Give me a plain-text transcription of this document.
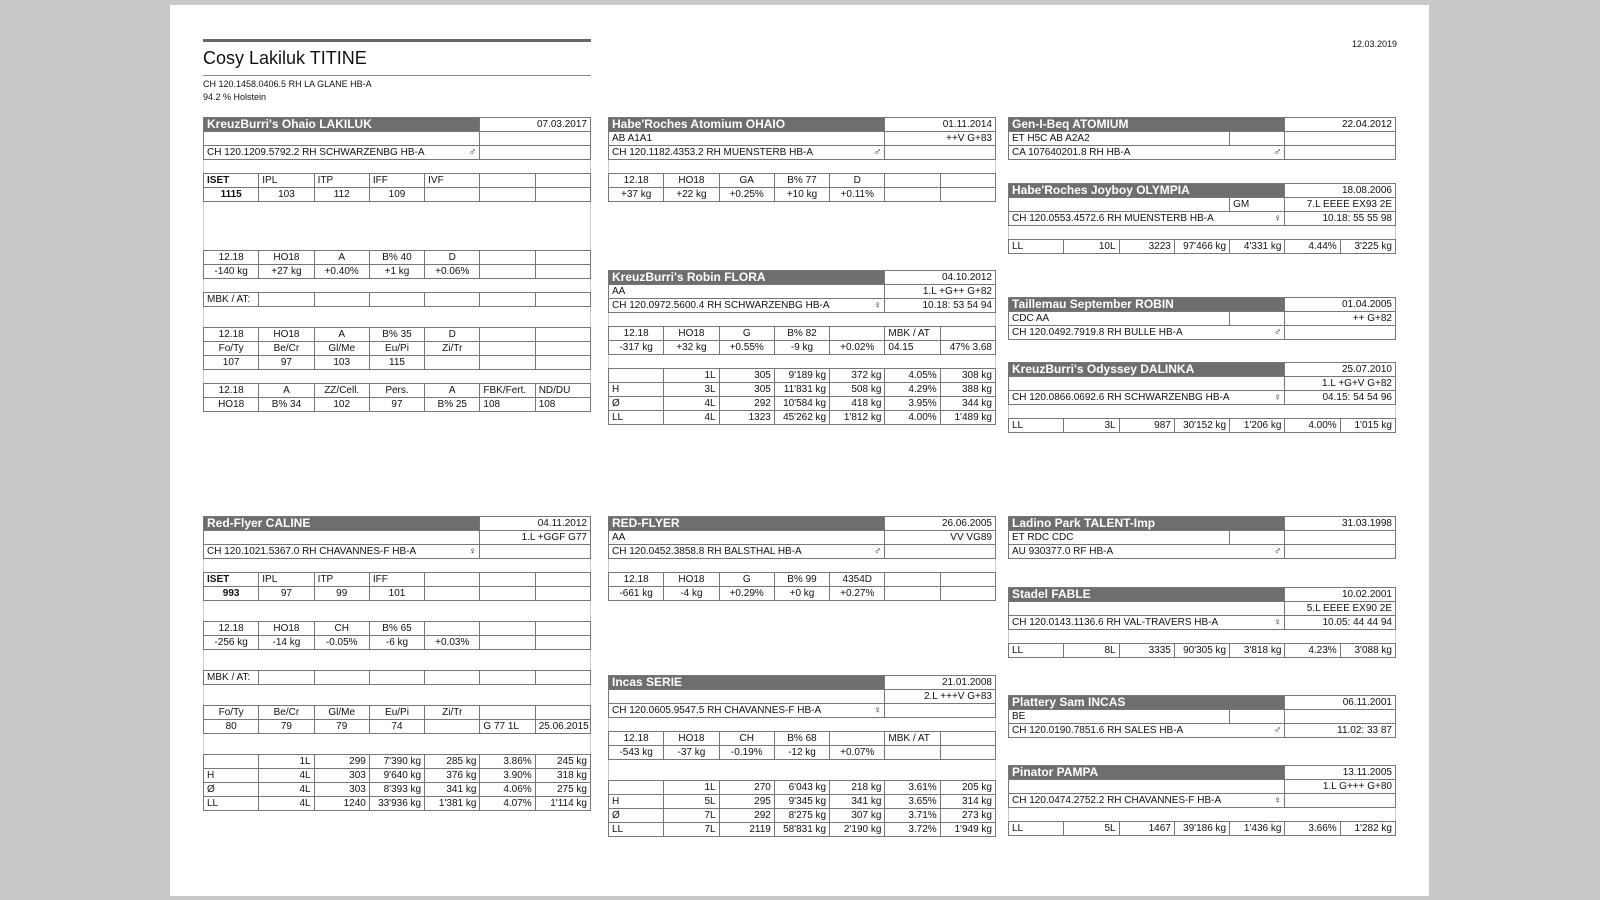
Cosy Lakiluk TITINE
CH 120.1458.0406.5 RH LA GLANE HB-A
94.2 % Holstein
12.03.2019
KreuzBurri's Ohaio LAKILUK					07.03.2017	

CH 120.1209.5792.2 RH SCHWARZENBG HB-A ♂						

ISET	IPL	ITP	IFF	IVF		
1115	103	112	109			

12.18	HO18	A	B% 40	D		
-140 kg	+27 kg	+0.40%	+1 kg	+0.06%		

MBK / AT:						

12.18	HO18	A	B% 35	D		
Fo/Ty	Be/Cr	Gl/Me	Eu/Pi	Zi/Tr		
107	97	103	115			

12.18	A	ZZ/Cell.	Pers.	A	FBK/Fert.	ND/DU
HO18	B% 34	102	97	B% 25	108	108
Habe'Roches Atomium OHAIO					01.11.2014	
AB A1A1					++V G+83	
CH 120.1182.4353.2 RH MUENSTERB HB-A ♂						

12.18	HO18	GA	B% 77	D		
+37 kg	+22 kg	+0.25%	+10 kg	+0.11%		
KreuzBurri's Robin FLORA					04.10.2012	
AA					1.L +G++ G+82	
CH 120.0972.5600.4 RH SCHWARZENBG HB-A ♀					10.18: 53 54 94	

12.18	HO18	G	B% 82		MBK / AT	
-317 kg	+32 kg	+0.55%	-9 kg	+0.02%	04.15	47% 3.68

	1L	305	9'189 kg	372 kg	4.05%	308 kg
H	3L	305	11'831 kg	508 kg	4.29%	388 kg
Ø	4L	292	10'584 kg	418 kg	3.95%	344 kg
LL	4L	1323	45'262 kg	1'812 kg	4.00%	1'489 kg
Gen-I-Beq ATOMIUM		22.04.2012
ET H5C AB A2A2		
CA 107640201.8 RH HB-A ♂		

Habe'Roches Joyboy OLYMPIA					18.08.2006	
				GM	7.L EEEE EX93 2E	
CH 120.0553.4572.6 RH MUENSTERB HB-A ♀					10.18: 55 55 98	

LL	10L	3223	97'466 kg	4'331 kg	4.44%	3'225 kg
Taillemau September ROBIN		01.04.2005
CDC AA		++ G+82
CH 120.0492.7919.8 RH BULLE HB-A ♂		

KreuzBurri's Odyssey DALINKA					25.07.2010	
					1.L +G+V G+82	
CH 120.0866.0692.6 RH SCHWARZENBG HB-A ♀					04.15: 54 54 96	

LL	3L	987	30'152 kg	1'206 kg	4.00%	1'015 kg
Red-Flyer CALINE					04.11.2012	
					1.L +GGF G77	
CH 120.1021.5367.0 RH CHAVANNES-F HB-A ♀						

ISET	IPL	ITP	IFF			
993	97	99	101			

12.18	HO18	CH	B% 65			
-256 kg	-14 kg	-0.05%	-6 kg	+0.03%		

MBK / AT:						

Fo/Ty	Be/Cr	Gl/Me	Eu/Pi	Zi/Tr		
80	79	79	74		G 77 1L	25.06.2015

	1L	299	7'390 kg	285 kg	3.86%	245 kg
H	4L	303	9'640 kg	376 kg	3.90%	318 kg
Ø	4L	303	8'393 kg	341 kg	4.06%	275 kg
LL	4L	1240	33'936 kg	1'381 kg	4.07%	1'114 kg
RED-FLYER					26.06.2005	
AA					VV VG89	
CH 120.0452.3858.8 RH BALSTHAL HB-A ♂						

12.18	HO18	G	B% 99	4354D		
-661 kg	-4 kg	+0.29%	+0 kg	+0.27%		
Incas SERIE					21.01.2008	
					2.L +++V G+83	
CH 120.0605.9547.5 RH CHAVANNES-F HB-A ♀						

12.18	HO18	CH	B% 68		MBK / AT	
-543 kg	-37 kg	-0.19%	-12 kg	+0.07%		

	1L	270	6'043 kg	218 kg	3.61%	205 kg
H	5L	295	9'345 kg	341 kg	3.65%	314 kg
Ø	7L	292	8'275 kg	307 kg	3.71%	273 kg
LL	7L	2119	58'831 kg	2'190 kg	3.72%	1'949 kg
Ladino Park TALENT-Imp		31.03.1998
ET RDC CDC		
AU 930377.0 RF HB-A ♂		

Stadel FABLE					10.02.2001	
					5.L EEEE EX90 2E	
CH 120.0143.1136.6 RH VAL-TRAVERS HB-A ♀					10.05: 44 44 94	

LL	8L	3335	90'305 kg	3'818 kg	4.23%	3'088 kg
Plattery Sam INCAS		06.11.2001
BE		
CH 120.0190.7851.6 RH SALES HB-A ♂		11.02: 33 87
Pinator PAMPA					13.11.2005	
					1.L G+++ G+80	
CH 120.0474.2752.2 RH CHAVANNES-F HB-A ♀						

LL	5L	1467	39'186 kg	1'436 kg	3.66%	1'282 kg
